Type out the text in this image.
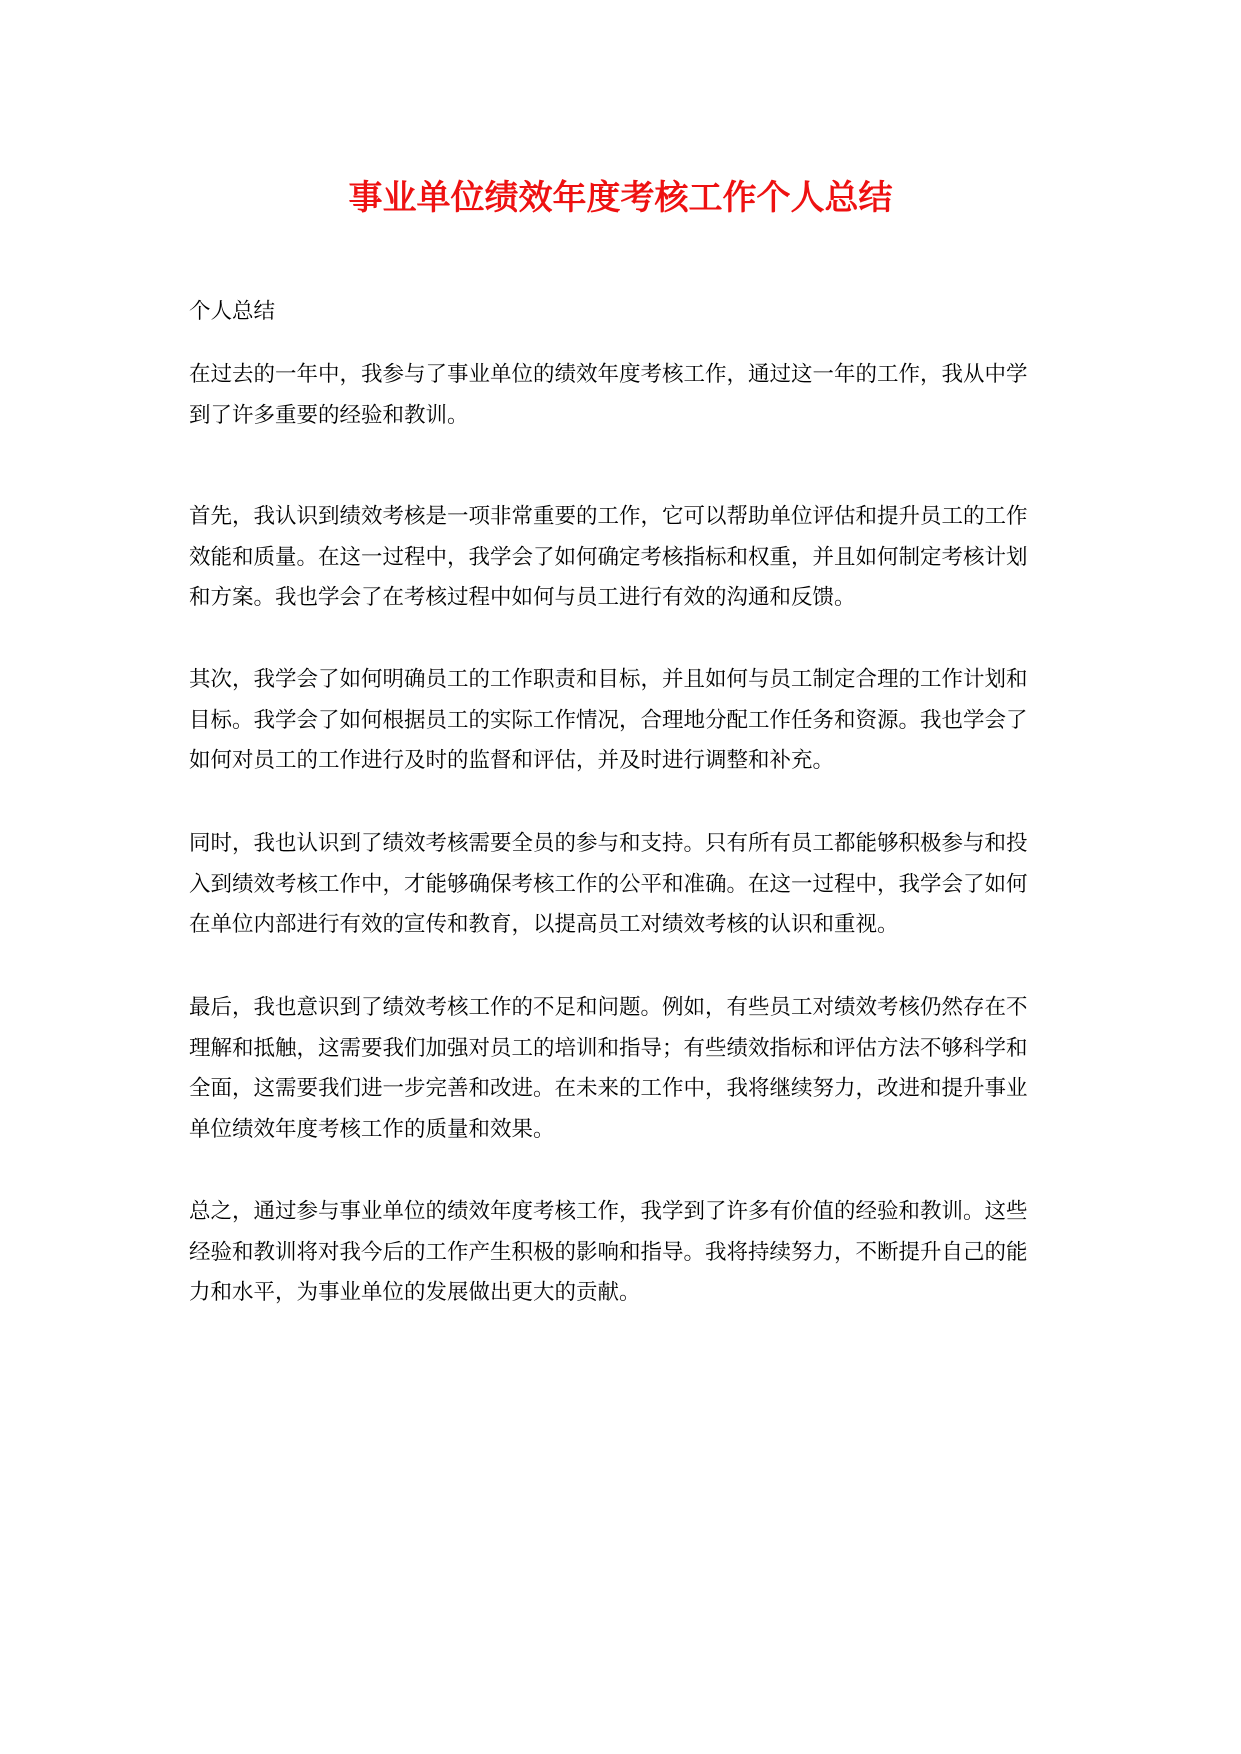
事业单位绩效年度考核工作个人总结

个人总结

在过去的一年中，我参与了事业单位的绩效年度考核工作，通过这一年的工作，我从中学到了许多重要的经验和教训。

首先，我认识到绩效考核是一项非常重要的工作，它可以帮助单位评估和提升员工的工作效能和质量。在这一过程中，我学会了如何确定考核指标和权重，并且如何制定考核计划和方案。我也学会了在考核过程中如何与员工进行有效的沟通和反馈。

其次，我学会了如何明确员工的工作职责和目标，并且如何与员工制定合理的工作计划和目标。我学会了如何根据员工的实际工作情况，合理地分配工作任务和资源。我也学会了如何对员工的工作进行及时的监督和评估，并及时进行调整和补充。

同时，我也认识到了绩效考核需要全员的参与和支持。只有所有员工都能够积极参与和投入到绩效考核工作中，才能够确保考核工作的公平和准确。在这一过程中，我学会了如何在单位内部进行有效的宣传和教育，以提高员工对绩效考核的认识和重视。

最后，我也意识到了绩效考核工作的不足和问题。例如，有些员工对绩效考核仍然存在不理解和抵触，这需要我们加强对员工的培训和指导；有些绩效指标和评估方法不够科学和全面，这需要我们进一步完善和改进。在未来的工作中，我将继续努力，改进和提升事业单位绩效年度考核工作的质量和效果。

总之，通过参与事业单位的绩效年度考核工作，我学到了许多有价值的经验和教训。这些经验和教训将对我今后的工作产生积极的影响和指导。我将持续努力，不断提升自己的能力和水平，为事业单位的发展做出更大的贡献。
